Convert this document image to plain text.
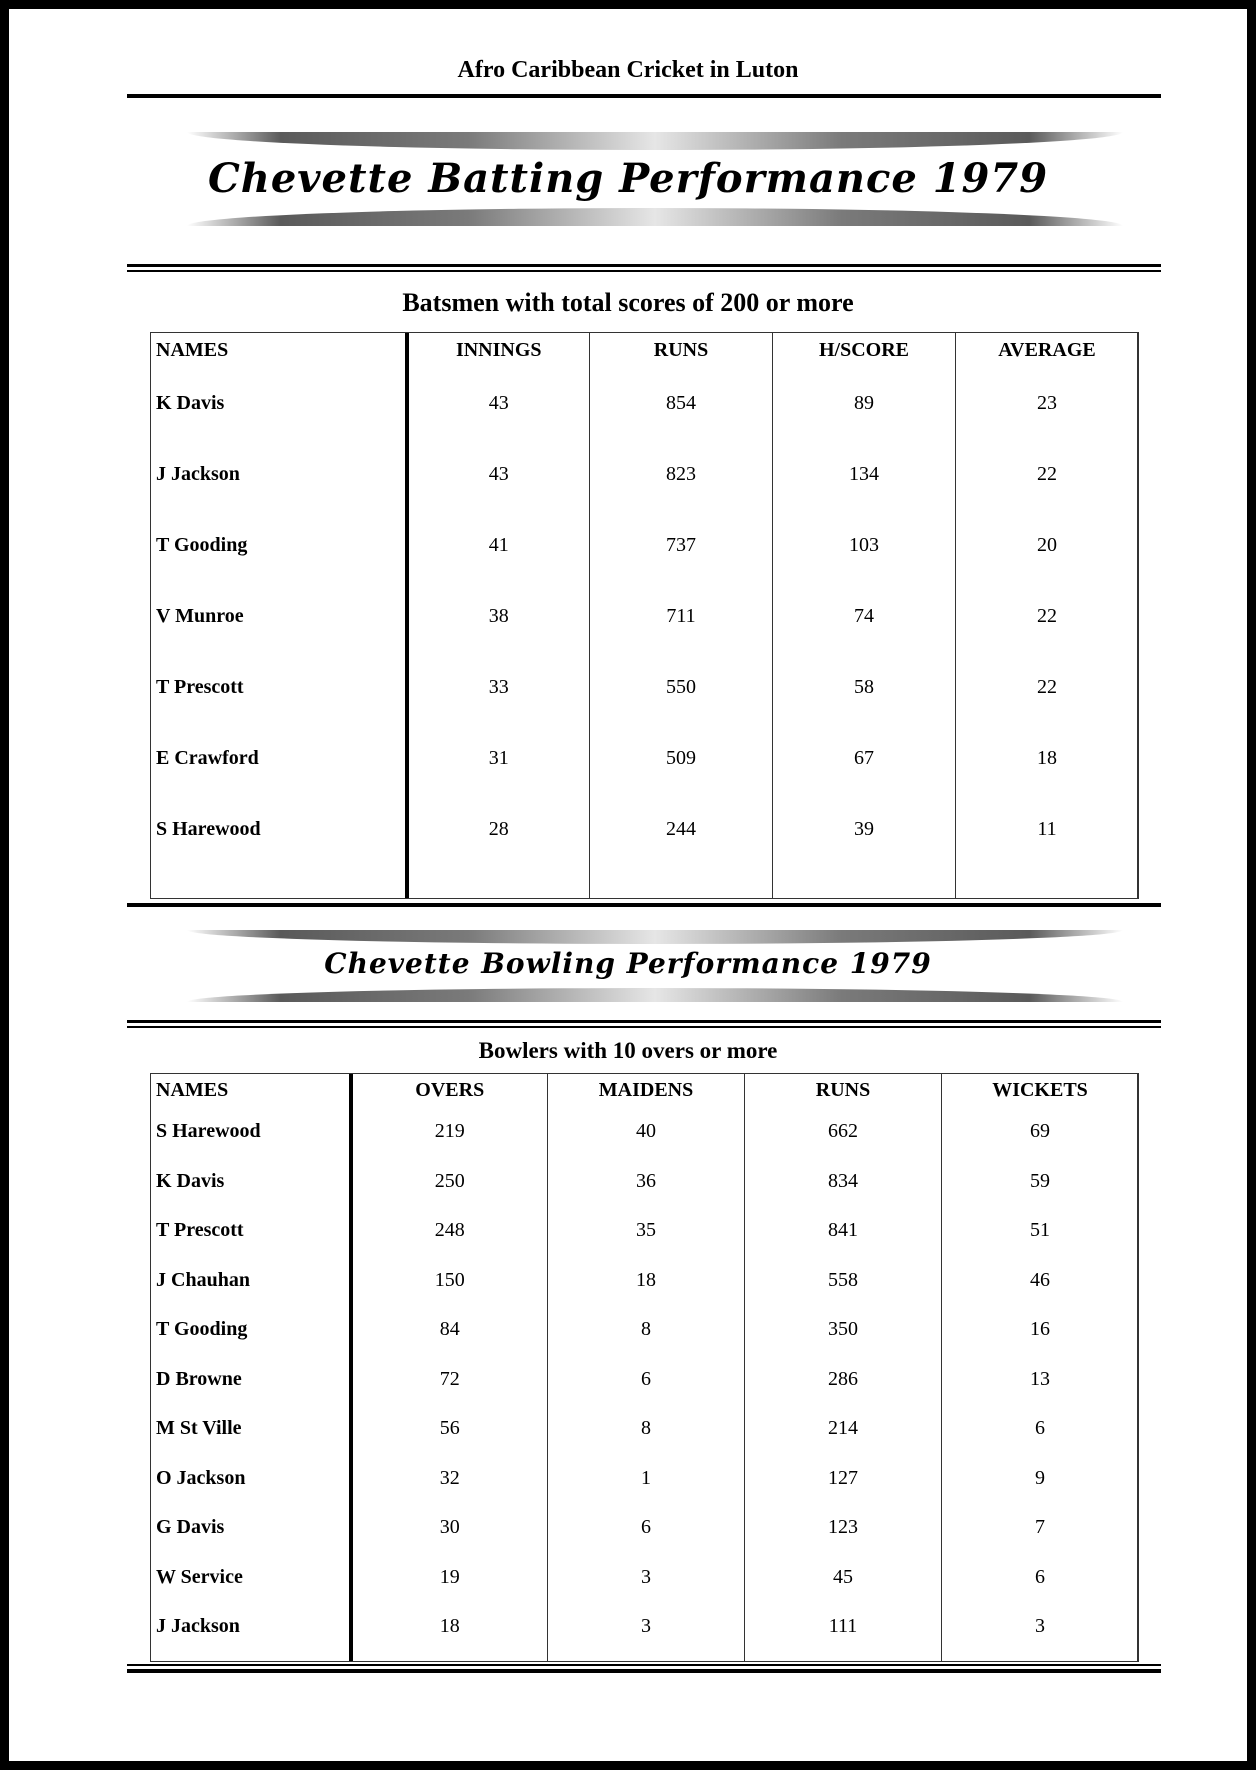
Afro Caribbean Cricket in Luton
Chevette Batting Performance 1979
Batsmen with total scores of 200 or more
NAMES	INNINGS	RUNS	H/SCORE	AVERAGE
K Davis	43	854	89	23
J Jackson	43	823	134	22
T Gooding	41	737	103	20
V Munroe	38	711	74	22
T Prescott	33	550	58	22
E Crawford	31	509	67	18
S Harewood	28	244	39	11

Chevette Bowling Performance 1979
Bowlers with 10 overs or more
NAMES	OVERS	MAIDENS	RUNS	WICKETS
S Harewood	219	40	662	69
K Davis	250	36	834	59
T Prescott	248	35	841	51
J Chauhan	150	18	558	46
T Gooding	84	8	350	16
D Browne	72	6	286	13
M St Ville	56	8	214	6
O Jackson	32	1	127	9
G Davis	30	6	123	7
W Service	19	3	45	6
J Jackson	18	3	111	3
